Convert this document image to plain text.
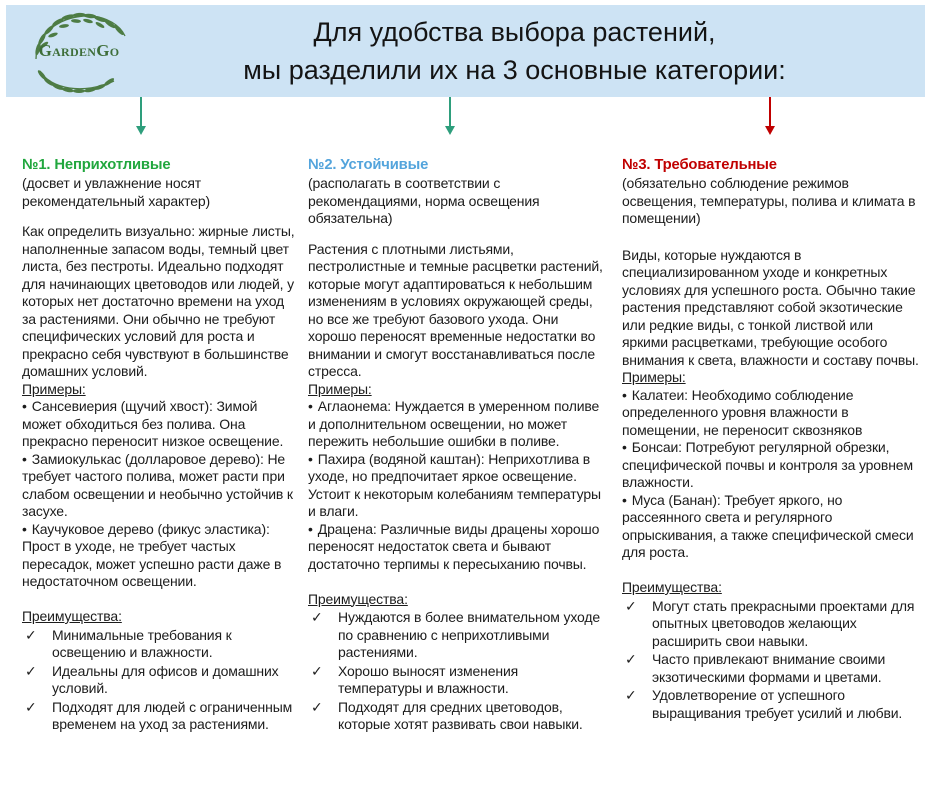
GardenGo
Для удобства выбора растений,
мы разделили их на 3 основные категории:
№1. Неприхотливые

(досвет и увлажнение носят рекомендательный характер)

Как определить визуально: жирные листы, наполненные запасом воды, темный цвет листа, без пестроты. Идеально подходят для начинающих цветоводов или людей, у которых нет достаточно времени на уход за растениями. Они обычно не требуют специфических условий для роста и прекрасно себя чувствуют в большинстве домашних условий.

Примеры:
• Сансевиерия (щучий хвост): Зимой может обходиться без полива. Она прекрасно переносит низкое освещение.
• Замиокулькас (долларовое дерево): Не требует частого полива, может расти при слабом освещении и необычно устойчив к засухе.
• Каучуковое дерево (фикус эластика): Прост в уходе, не требует частых пересадок, может успешно расти даже в недостаточном освещении.
Преимущества:
✓ Минимальные требования к освещению и влажности.
✓ Идеальны для офисов и домашних условий.
✓ Подходят для людей с ограниченным временем на уход за растениями.
№2. Устойчивые

(располагать в соответствии с рекомендациями, норма освещения обязательна)

Растения с плотными листьями, пестролистные и темные расцветки растений, которые могут адаптироваться к небольшим изменениям в условиях окружающей среды, но все же требуют базового ухода. Они хорошо переносят временные недостатки во внимании и смогут восстанавливаться после стресса.

Примеры:
• Аглаонема: Нуждается в умеренном поливе и дополнительном освещении, но может пережить небольшие ошибки в поливе.
• Пахира (водяной каштан): Неприхотлива в уходе, но предпочитает яркое освещение. Устоит к некоторым колебаниям температуры и влаги.
• Драцена: Различные виды драцены хорошо переносят недостаток света и бывают достаточно терпимы к пересыханию почвы.
Преимущества:
✓ Нуждаются в более внимательном уходе по сравнению с неприхотливыми растениями.
✓ Хорошо выносят изменения температуры и влажности.
✓ Подходят для средних цветоводов, которые хотят развивать свои навыки.
№3. Требовательные

(обязательно соблюдение режимов освещения, температуры, полива и климата в помещении)

Виды, которые нуждаются в специализированном уходе и конкретных условиях для успешного роста. Обычно такие растения представляют собой экзотические или редкие виды, с тонкой листвой или яркими расцветками, требующие особого внимания к света, влажности и составу почвы.

Примеры:
• Калатеи: Необходимо соблюдение определенного уровня влажности в помещении, не переносит сквозняков
• Бонсаи: Потребуют регулярной обрезки, специфической почвы и контроля за уровнем влажности.
• Муса (Банан): Требует яркого, но рассеянного света и регулярного опрыскивания, а также специфической смеси для роста.
Преимущества:
✓ Могут стать прекрасными проектами для опытных цветоводов желающих расширить свои навыки.
✓ Часто привлекают внимание своими экзотическими формами и цветами.
✓ Удовлетворение от успешного выращивания требует усилий и любви.
